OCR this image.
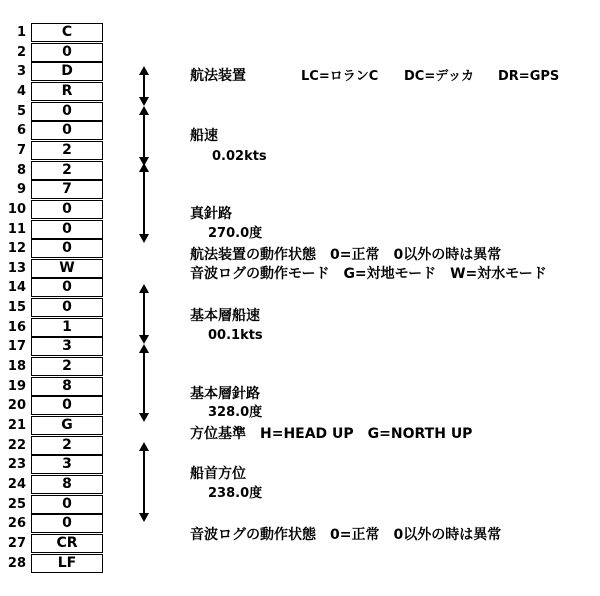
1	C
2	0
3	D
4	R
5	0
6	0
7	2
8	2
9	7
10	0
11	0
12	0
13	W
14	0
15	0
16	1
17	3
18	2
19	8
20	0
21	G
22	2
23	3
24	8
25	0
26	0
27	CR
28	LF
航法装置	LC=ロランC DC=デッカ DR=GPS
船速
0.02kts
真針路
270.0度
航法装置の動作状態　0=正常　0以外の時は異常
音波ログの動作モード　G=対地モード　W=対水モード
基本層船速
00.1kts
基本層針路
328.0度
方位基準　H=HEAD UP　G=NORTH UP
船首方位
238.0度
音波ログの動作状態　0=正常　0以外の時は異常
